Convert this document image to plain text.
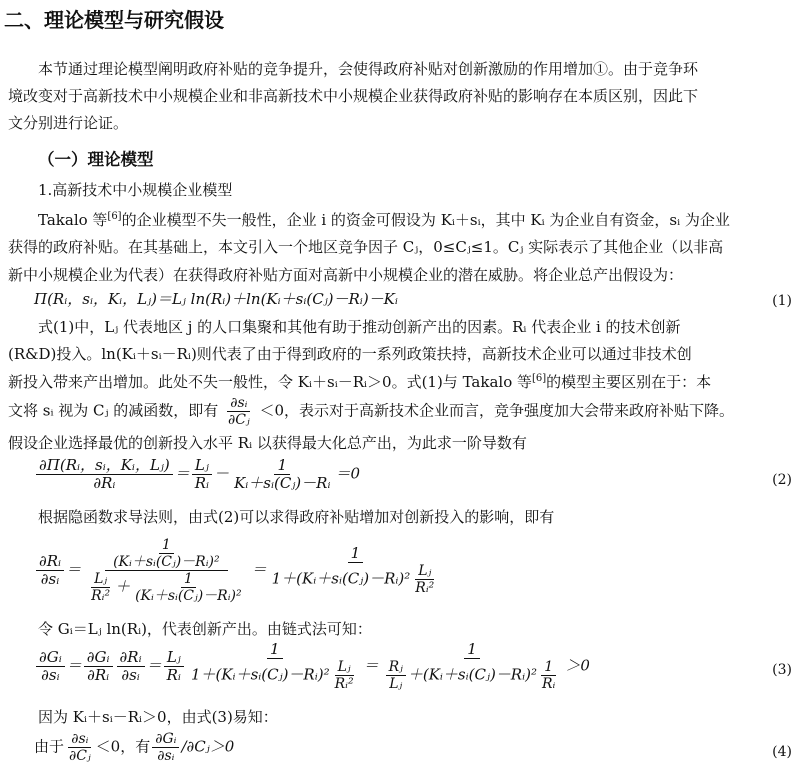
二、理论模型与研究假设
本节通过理论模型阐明政府补贴的竞争提升，会使得政府补贴对创新激励的作用增加①。由于竞争环
境改变对于高新技术中小规模企业和非高新技术中小规模企业获得政府补贴的影响存在本质区别，因此下
文分别进行论证。
（一）理论模型
1.高新技术中小规模企业模型
Takalo 等[6]的企业模型不失一般性，企业 i 的资金可假设为 Kᵢ＋sᵢ，其中 Kᵢ 为企业自有资金，sᵢ 为企业
获得的政府补贴。在其基础上，本文引入一个地区竞争因子 Cⱼ，0≤Cⱼ≤1。Cⱼ 实际表示了其他企业（以非高
新中小规模企业为代表）在获得政府补贴方面对高新中小规模企业的潜在威胁。将企业总产出假设为：
Π(Rᵢ，sᵢ，Kᵢ，Lⱼ)＝Lⱼ ln(Rᵢ)＋ln(Kᵢ＋sᵢ(Cⱼ)－Rᵢ)－Kᵢ	(1)
式(1)中，Lⱼ 代表地区 j 的人口集聚和其他有助于推动创新产出的因素。Rᵢ 代表企业 i 的技术创新
(R&D)投入。ln(Kᵢ＋sᵢ－Rᵢ)则代表了由于得到政府的一系列政策扶持，高新技术企业可以通过非技术创
新投入带来产出增加。此处不失一般性，令 Kᵢ＋sᵢ－Rᵢ＞0。式(1)与 Takalo 等[6]的模型主要区别在于：本
文将 sᵢ 视为 Cⱼ 的减函数，即有 $\frac{\text{∂sᵢ}}{\text{∂Cⱼ}} <0$，表示对于高新技术企业而言，竞争强度加大会带来政府补贴下降。
假设企业选择最优的创新投入水平 Rᵢ 以获得最大化总产出，为此求一阶导数有
$\frac{\text{∂Π(Rᵢ，sᵢ，Kᵢ，Lⱼ)}}{\text{∂Rᵢ}} = \frac{\text{Lⱼ}}{\text{Rᵢ}} - \frac{1}{\text{Kᵢ＋sᵢ(Cⱼ)－Rᵢ}} =0$	(2)
根据隐函数求导法则，由式(2)可以求得政府补贴增加对创新投入的影响，即有
$\frac{\text{∂Rᵢ}}{\text{∂sᵢ}}$ ＝
$\frac{1}{\text{(Kᵢ＋sᵢ(Cⱼ)－Rᵢ)²}}$
$\frac{\text{Lⱼ}}{\text{Rᵢ²}} + \frac{1}{\text{(Kᵢ＋sᵢ(Cⱼ)－Rᵢ)²}}$
＝
1
1＋(Kᵢ＋sᵢ(Cⱼ)－Rᵢ)² $\frac{\text{Lⱼ}}{\text{Rᵢ²}}$
令 Gᵢ＝Lⱼ ln(Rᵢ)，代表创新产出。由链式法可知：
$\frac{\text{∂Gᵢ}}{\text{∂sᵢ}} = \frac{\text{∂Gᵢ}}{\text{∂Rᵢ}} \frac{\text{∂Rᵢ}}{\text{∂sᵢ}} = \frac{\text{Lⱼ}}{\text{Rᵢ}}$
1
1＋(Kᵢ＋sᵢ(Cⱼ)－Rᵢ)² $\frac{\text{Lⱼ}}{\text{Rᵢ²}}$ ＝
1
$\frac{\text{Rⱼ}}{\text{Lⱼ}}$ ＋(Kᵢ＋sᵢ(Cⱼ)－Rᵢ)² $\frac{1}{\text{Rᵢ}} >0$	(3)
因为 Kᵢ＋sᵢ－Rᵢ＞0，由式(3)易知：
由于 $\frac{\text{∂sᵢ}}{\text{∂Cⱼ}} <0$，有 $\frac{\text{∂Gᵢ}}{\text{∂sᵢ}}$ /∂Cⱼ＞0	(4)
